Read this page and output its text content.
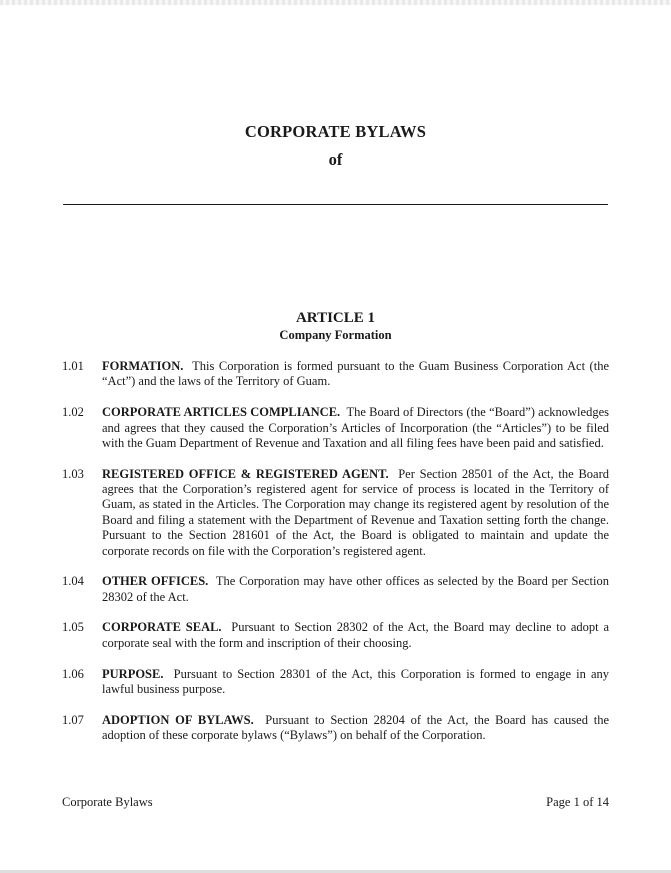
CORPORATE BYLAWS
of
ARTICLE 1
Company Formation
1.01	FORMATION. This Corporation is formed pursuant to the Guam Business Corporation Act (the “Act”) and the laws of the Territory of Guam.
1.02	CORPORATE ARTICLES COMPLIANCE. The Board of Directors (the “Board”) acknowledges and agrees that they caused the Corporation’s Articles of Incorporation (the “Articles”) to be filed with the Guam Department of Revenue and Taxation and all filing fees have been paid and satisfied.
1.03	REGISTERED OFFICE & REGISTERED AGENT. Per Section 28501 of the Act, the Board agrees that the Corporation’s registered agent for service of process is located in the Territory of Guam, as stated in the Articles. The Corporation may change its registered agent by resolution of the Board and filing a statement with the Department of Revenue and Taxation setting forth the change. Pursuant to the Section 281601 of the Act, the Board is obligated to maintain and update the corporate records on file with the Corporation’s registered agent.
1.04	OTHER OFFICES. The Corporation may have other offices as selected by the Board per Section 28302 of the Act.
1.05	CORPORATE SEAL. Pursuant to Section 28302 of the Act, the Board may decline to adopt a corporate seal with the form and inscription of their choosing.
1.06	PURPOSE. Pursuant to Section 28301 of the Act, this Corporation is formed to engage in any lawful business purpose.
1.07	ADOPTION OF BYLAWS. Pursuant to Section 28204 of the Act, the Board has caused the adoption of these corporate bylaws (“Bylaws”) on behalf of the Corporation.
Corporate Bylaws	Page 1 of 14
